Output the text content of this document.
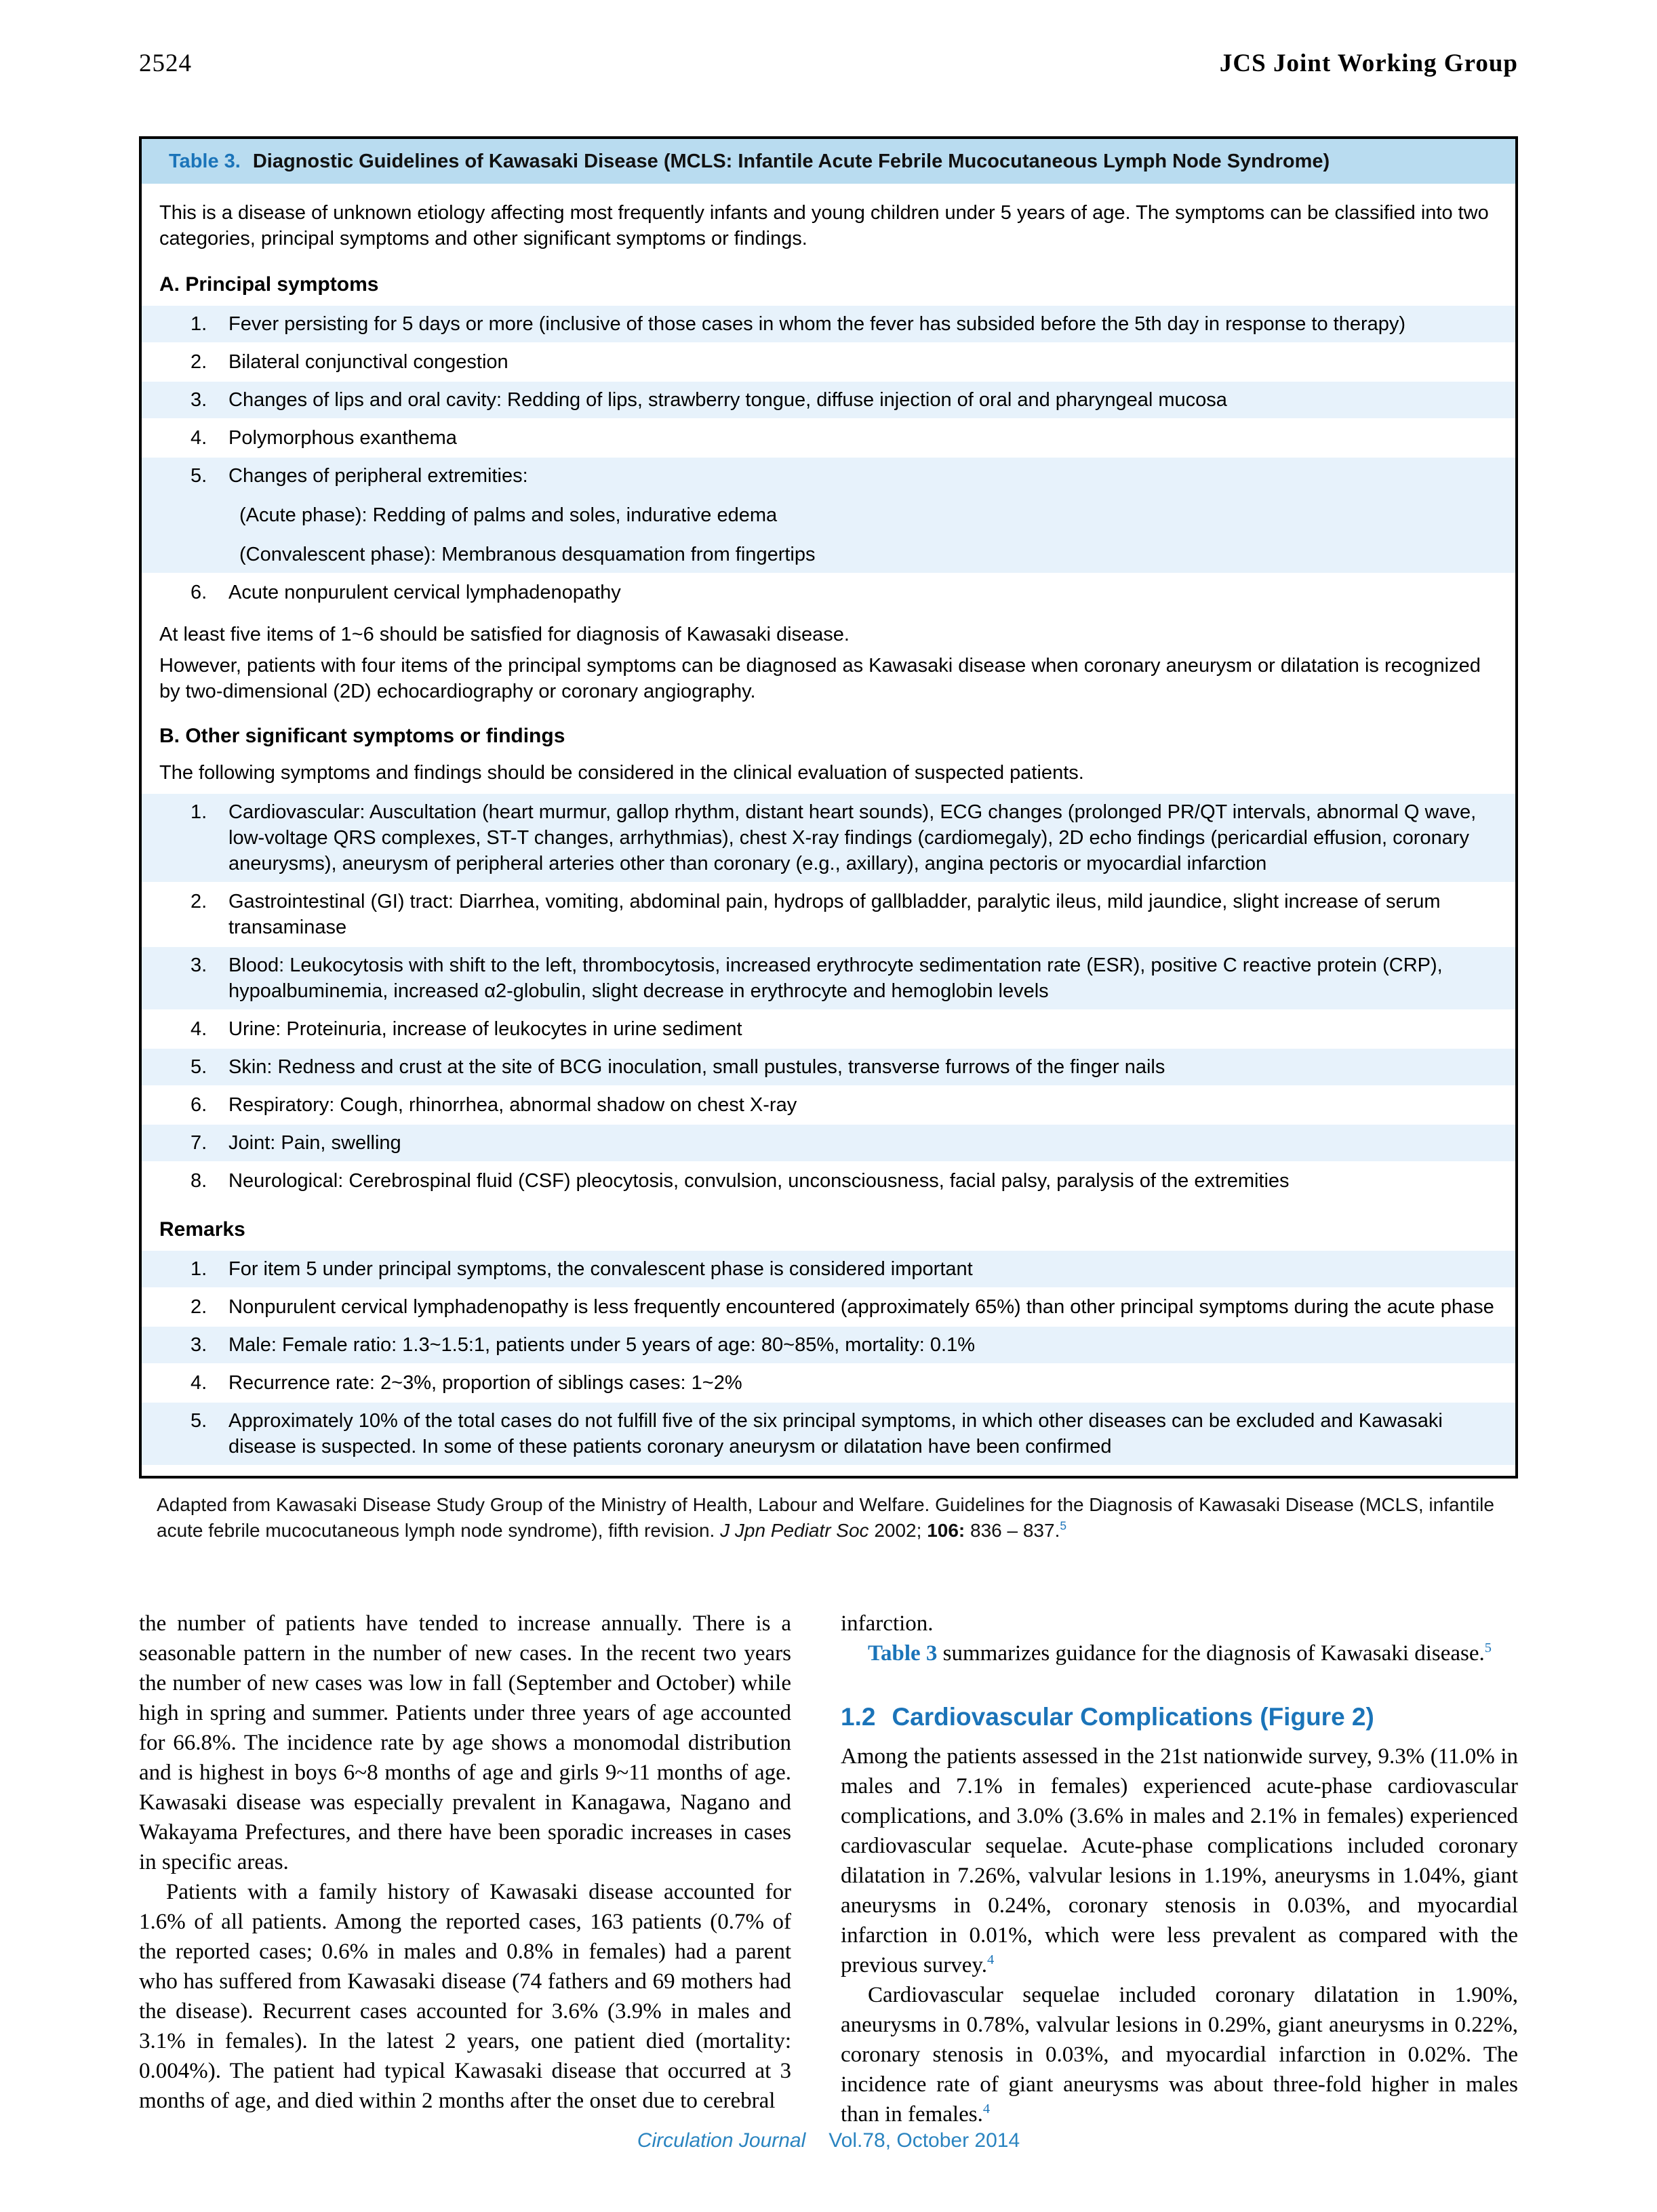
2524	JCS Joint Working Group
Table 3. Diagnostic Guidelines of Kawasaki Disease (MCLS: Infantile Acute Febrile Mucocutaneous Lymph Node Syndrome)
This is a disease of unknown etiology affecting most frequently infants and young children under 5 years of age. The symptoms can be classified into two categories, principal symptoms and other significant symptoms or findings.
A. Principal symptoms
1. Fever persisting for 5 days or more (inclusive of those cases in whom the fever has subsided before the 5th day in response to therapy)
2. Bilateral conjunctival congestion
3. Changes of lips and oral cavity: Redding of lips, strawberry tongue, diffuse injection of oral and pharyngeal mucosa
4. Polymorphous exanthema
5. Changes of peripheral extremities:
(Acute phase): Redding of palms and soles, indurative edema
(Convalescent phase): Membranous desquamation from fingertips
6. Acute nonpurulent cervical lymphadenopathy
At least five items of 1~6 should be satisfied for diagnosis of Kawasaki disease.
However, patients with four items of the principal symptoms can be diagnosed as Kawasaki disease when coronary aneurysm or dilatation is recognized by two-dimensional (2D) echocardiography or coronary angiography.
B. Other significant symptoms or findings
The following symptoms and findings should be considered in the clinical evaluation of suspected patients.
1. Cardiovascular: Auscultation (heart murmur, gallop rhythm, distant heart sounds), ECG changes (prolonged PR/QT intervals, abnormal Q wave, low-voltage QRS complexes, ST-T changes, arrhythmias), chest X-ray findings (cardiomegaly), 2D echo findings (pericardial effusion, coronary aneurysms), aneurysm of peripheral arteries other than coronary (e.g., axillary), angina pectoris or myocardial infarction
2. Gastrointestinal (GI) tract: Diarrhea, vomiting, abdominal pain, hydrops of gallbladder, paralytic ileus, mild jaundice, slight increase of serum transaminase
3. Blood: Leukocytosis with shift to the left, thrombocytosis, increased erythrocyte sedimentation rate (ESR), positive C reactive protein (CRP), hypoalbuminemia, increased α2-globulin, slight decrease in erythrocyte and hemoglobin levels
4. Urine: Proteinuria, increase of leukocytes in urine sediment
5. Skin: Redness and crust at the site of BCG inoculation, small pustules, transverse furrows of the finger nails
6. Respiratory: Cough, rhinorrhea, abnormal shadow on chest X-ray
7. Joint: Pain, swelling
8. Neurological: Cerebrospinal fluid (CSF) pleocytosis, convulsion, unconsciousness, facial palsy, paralysis of the extremities
Remarks
1. For item 5 under principal symptoms, the convalescent phase is considered important
2. Nonpurulent cervical lymphadenopathy is less frequently encountered (approximately 65%) than other principal symptoms during the acute phase
3. Male: Female ratio: 1.3~1.5:1, patients under 5 years of age: 80~85%, mortality: 0.1%
4. Recurrence rate: 2~3%, proportion of siblings cases: 1~2%
5. Approximately 10% of the total cases do not fulfill five of the six principal symptoms, in which other diseases can be excluded and Kawasaki disease is suspected. In some of these patients coronary aneurysm or dilatation have been confirmed
Adapted from Kawasaki Disease Study Group of the Ministry of Health, Labour and Welfare. Guidelines for the Diagnosis of Kawasaki Disease (MCLS, infantile acute febrile mucocutaneous lymph node syndrome), fifth revision. J Jpn Pediatr Soc 2002; 106: 836 – 837.$^5$

the number of patients have tended to increase annually. There is a seasonable pattern in the number of new cases. In the recent two years the number of new cases was low in fall (September and October) while high in spring and summer. Patients under three years of age accounted for 66.8%. The incidence rate by age shows a monomodal distribution and is highest in boys 6~8 months of age and girls 9~11 months of age. Kawasaki disease was especially prevalent in Kanagawa, Nagano and Wakayama Prefectures, and there have been sporadic increases in cases in specific areas.

Patients with a family history of Kawasaki disease accounted for 1.6% of all patients. Among the reported cases, 163 patients (0.7% of the reported cases; 0.6% in males and 0.8% in females) had a parent who has suffered from Kawasaki disease (74 fathers and 69 mothers had the disease). Recurrent cases accounted for 3.6% (3.9% in males and 3.1% in females). In the latest 2 years, one patient died (mortality: 0.004%). The patient had typical Kawasaki disease that occurred at 3 months of age, and died within 2 months after the onset due to cerebral

infarction.

Table 3 summarizes guidance for the diagnosis of Kawasaki disease.$^5$

1.2 Cardiovascular Complications (Figure 2)

Among the patients assessed in the 21st nationwide survey, 9.3% (11.0% in males and 7.1% in females) experienced acute-phase cardiovascular complications, and 3.0% (3.6% in males and 2.1% in females) experienced cardiovascular sequelae. Acute-phase complications included coronary dilatation in 7.26%, valvular lesions in 1.19%, aneurysms in 1.04%, giant aneurysms in 0.24%, coronary stenosis in 0.03%, and myocardial infarction in 0.01%, which were less prevalent as compared with the previous survey.$^4$

Cardiovascular sequelae included coronary dilatation in 1.90%, aneurysms in 0.78%, valvular lesions in 0.29%, giant aneurysms in 0.22%, coronary stenosis in 0.03%, and myocardial infarction in 0.02%. The incidence rate of giant aneurysms was about three-fold higher in males than in females.$^4$

Circulation Journal Vol.78, October 2014
